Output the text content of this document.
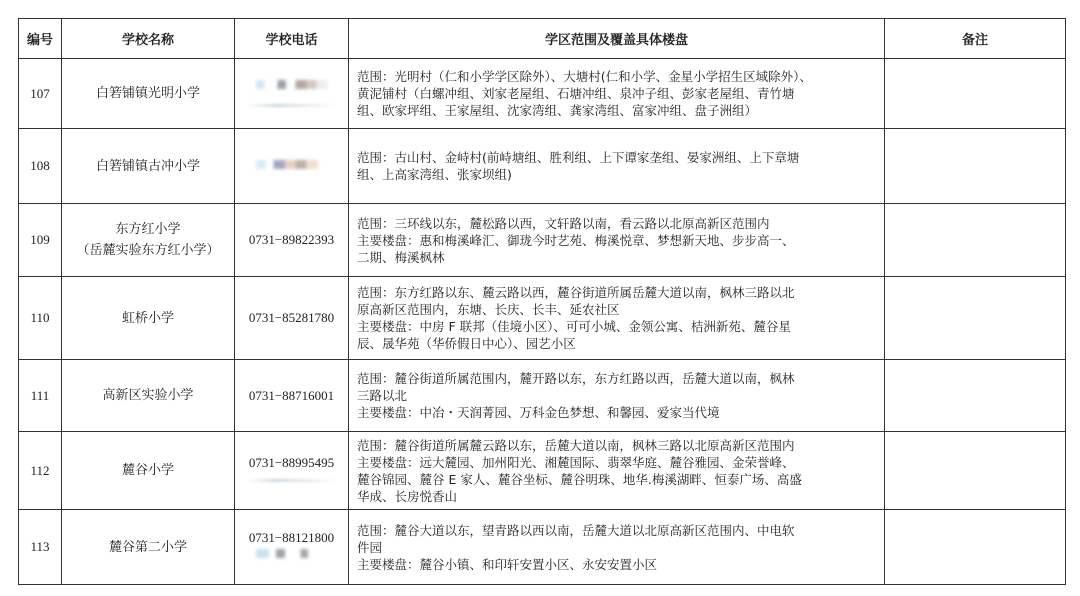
编号	学校名称	学校电话	学区范围及覆盖具体楼盘	备注
107	白箬铺镇光明小学		范围：光明村（仁和小学学区除外）、大塘村(仁和小学、金星小学招生区域除外）、
黄泥铺村（白螺冲组、刘家老屋组、石塘冲组、泉冲子组、彭家老屋组、青竹塘
组、欧家坪组、王家屋组、沈家湾组、龚家湾组、富家冲组、盘子洲组）	

108	白箬铺镇古冲小学		范围：古山村、金峙村(前峙塘组、胜利组、上下谭家垄组、晏家洲组、上下章塘
组、上高家湾组、张家坝组)	

109	东方红小学
（岳麓实验东方红小学）	0731−89822393	范围：三环线以东，麓松路以西，文轩路以南，看云路以北原高新区范围内
主要楼盘：惠和梅溪峰汇、御珑今时艺苑、梅溪悦章、梦想新天地、步步高一、
二期、梅溪枫林	

110	虹桥小学	0731−85281780	范围：东方红路以东、麓云路以西，麓谷街道所属岳麓大道以南，枫林三路以北
原高新区范围内，东塘、长庆、长丰、延农社区
主要楼盘：中房 F 联邦（佳境小区）、可可小城、金领公寓、桔洲新苑、麓谷星
辰、晟华苑（华侨假日中心）、园艺小区	

111	高新区实验小学	0731−88716001	范围：麓谷街道所属范围内，麓开路以东，东方红路以西，岳麓大道以南，枫林
三路以北
主要楼盘：中冶・天润菁园、万科金色梦想、和馨园、爱家当代境	

112	麓谷小学	0731−88995495	范围：麓谷街道所属麓云路以东，岳麓大道以南，枫林三路以北原高新区范围内
主要楼盘：远大麓园、加州阳光、湘麓国际、翡翠华庭、麓谷雅园、金荣誉峰、
麓谷锦园、麓谷 E 家人、麓谷坐标、麓谷明珠、地华.梅溪湖畔、恒泰广场、高盛
华成、长房悦香山	

113	麓谷第二小学	0731−88121800	范围：麓谷大道以东，望青路以西以南，岳麓大道以北原高新区范围内、中电软
件园
主要楼盘：麓谷小镇、和印轩安置小区、永安安置小区	
